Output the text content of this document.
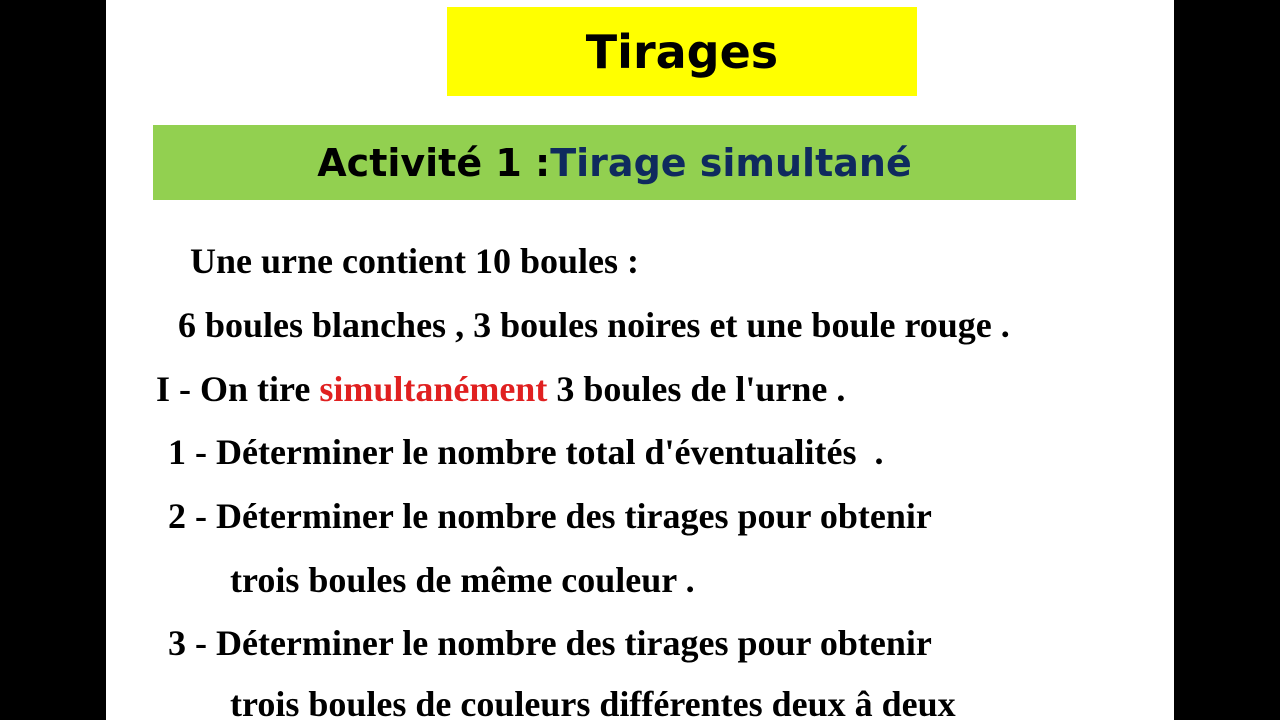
Tirages
Activité 1 : Tirage simultané
Une urne contient 10 boules :
6 boules blanches , 3 boules noires et une boule rouge .
I - On tire simultanément 3 boules de l'urne .
1 - Déterminer le nombre total d'éventualités  .
2 - Déterminer le nombre des tirages pour obtenir
trois boules de même couleur .
3 - Déterminer le nombre des tirages pour obtenir
trois boules de couleurs différentes deux â deux
